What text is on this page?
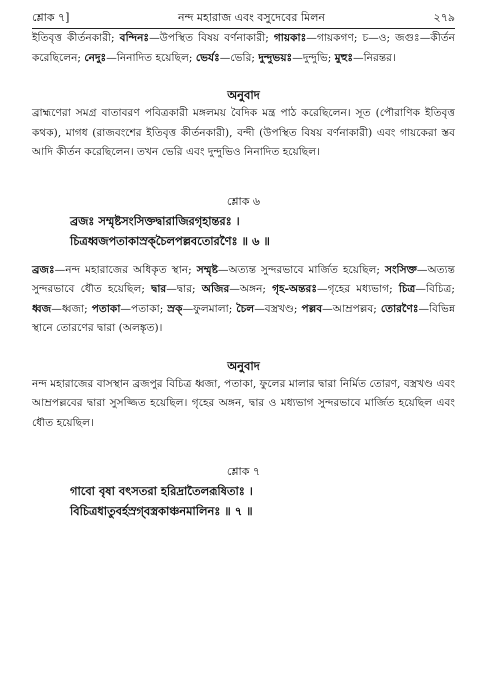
শ্লোক ৭]	নন্দ মহারাজ এবং বসুদেবের মিলন	২৭৯

ইতিবৃত্ত কীর্তনকারী; বন্দিনঃ—উপস্থিত বিষয় বর্ণনাকারী; গায়কাঃ—গায়কগণ; চ—ও; জগুঃ—কীর্তন করেছিলেন; নেদুঃ—নিনাদিত হয়েছিল; ভের্যঃ—ভেরি; দুন্দুভয়ঃ—দুন্দুভি; মুহুঃ—নিরন্তর।

অনুবাদ

ব্রাহ্মণেরা সমগ্র বাতাবরণ পবিত্রকারী মঙ্গলময় বৈদিক মন্ত্র পাঠ করেছিলেন। সূত (পৌরাণিক ইতিবৃত্ত কথক), মাগধ (রাজবংশের ইতিবৃত্ত কীর্তনকারী), বন্দী (উপস্থিত বিষয় বর্ণনাকারী) এবং গায়কেরা স্তব আদি কীর্তন করেছিলেন। তখন ভেরি এবং দুন্দুভিও নিনাদিত হয়েছিল।

শ্লোক ৬

ব্রজঃ সম্মৃষ্টসংসিক্তদ্বারাজিরগৃহান্তরঃ ।

চিত্রধ্বজপতাকাস্রক্‌চৈলপল্লবতোরণৈঃ ॥ ৬ ॥

ব্রজঃ—নন্দ মহারাজের অধিকৃত স্থান; সম্মৃষ্ট—অত্যন্ত সুন্দরভাবে মার্জিত হয়েছিল; সংসিক্ত—অত্যন্ত সুন্দরভাবে ধৌত হয়েছিল; দ্বার—দ্বার; অজির—অঙ্গন; গৃহ-অন্তরঃ—গৃহের মধ্যভাগ; চিত্র—বিচিত্র; ধ্বজ—ধ্বজা; পতাকা—পতাকা; স্রক্‌—ফুলমালা; চৈল—বস্ত্রখণ্ড; পল্লব—আম্রপল্লব; তোরণৈঃ—বিভিন্ন স্থানে তোরণের দ্বারা (অলঙ্কৃত)।

অনুবাদ

নন্দ মহারাজের বাসস্থান ব্রজপুর বিচিত্র ধ্বজা, পতাকা, ফুলের মালার দ্বারা নির্মিত তোরণ, বস্ত্রখণ্ড এবং আম্রপল্লবের দ্বারা সুসজ্জিত হয়েছিল। গৃহের অঙ্গন, দ্বার ও মধ্যভাগ সুন্দরভাবে মার্জিত হয়েছিল এবং ধৌত হয়েছিল।

শ্লোক ৭

গাবো বৃষা বৎসতরা হরিদ্রাতৈলরূষিতাঃ ।

বিচিত্রধাতুবর্হস্রগ্‌বস্ত্রকাঞ্চনমালিনঃ ॥ ৭ ॥
